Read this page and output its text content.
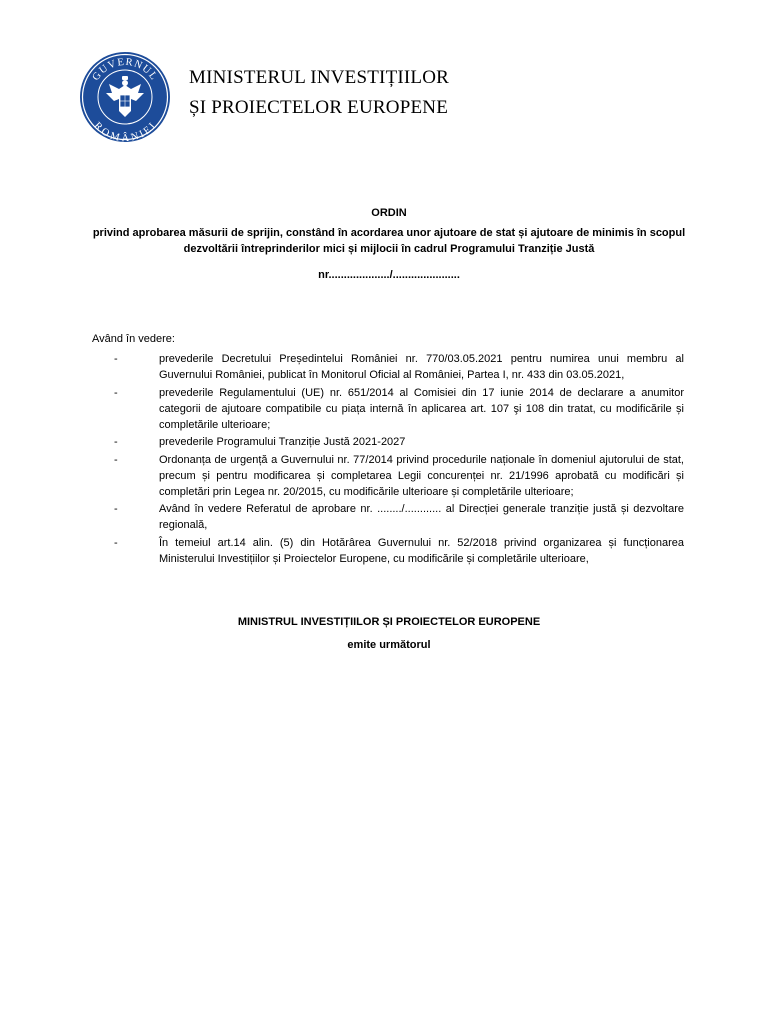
GUVERNUL
ROMÂNIEI
MINISTERUL INVESTIȚIILOR
ȘI PROIECTELOR EUROPENE
ORDIN
privind aprobarea măsurii de sprijin, constând în acordarea unor ajutoare de stat și ajutoare de minimis în scopul dezvoltării întreprinderilor mici și mijlocii în cadrul Programului Tranziție Justă
nr..................../......................
Având în vedere:
-	prevederile Decretului Președintelui României nr. 770/03.05.2021 pentru numirea unui membru al Guvernului României, publicat în Monitorul Oficial al României, Partea I, nr. 433 din 03.05.2021,
-	prevederile Regulamentului (UE) nr. 651/2014 al Comisiei din 17 iunie 2014 de declarare a anumitor categorii de ajutoare compatibile cu piața internă în aplicarea art. 107 şi 108 din tratat, cu modificările și completările ulterioare;
-	prevederile Programului Tranziție Justă 2021-2027
-	Ordonanța de urgență a Guvernului nr. 77/2014 privind procedurile naționale în domeniul ajutorului de stat, precum și pentru modificarea și completarea Legii concurenței nr. 21/1996 aprobată cu modificări și completări prin Legea nr. 20/2015, cu modificările ulterioare și completările ulterioare;
-	Având în vedere Referatul de aprobare nr. ......../............ al Direcției generale tranziție justă și dezvoltare regională,
-	În temeiul art.14 alin. (5) din Hotărârea Guvernului nr. 52/2018 privind organizarea și funcționarea Ministerului Investițiilor și Proiectelor Europene, cu modificările și completările ulterioare,
MINISTRUL INVESTIȚIILOR ȘI PROIECTELOR EUROPENE
emite următorul
